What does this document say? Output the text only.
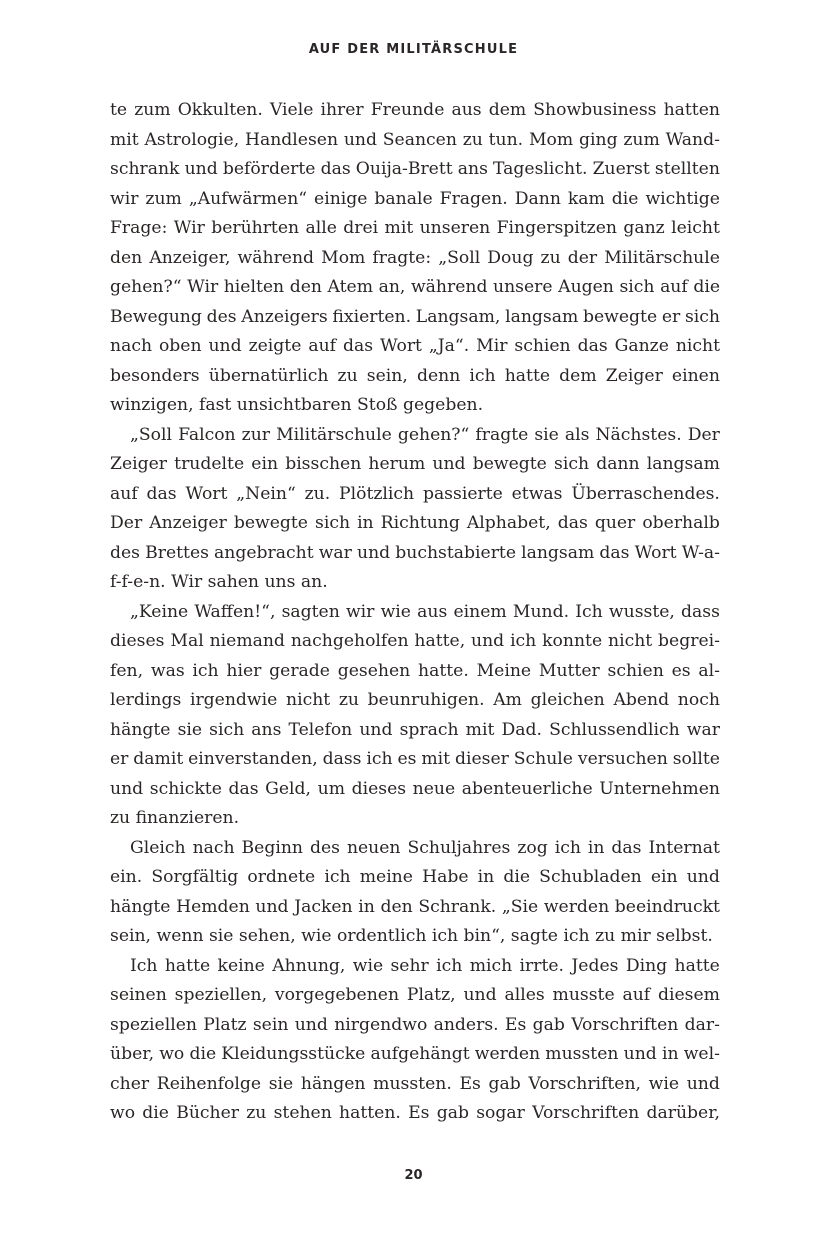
AUF DER MILITÄRSCHULE
te zum Okkulten. Viele ihrer Freunde aus dem Showbusiness hatten
mit Astrologie, Handlesen und Seancen zu tun. Mom ging zum Wand-
schrank und beförderte das Ouija-Brett ans Tageslicht. Zuerst stellten
wir zum „Aufwärmen“ einige banale Fragen. Dann kam die wichtige
Frage: Wir berührten alle drei mit unseren Fingerspitzen ganz leicht
den Anzeiger, während Mom fragte: „Soll Doug zu der Militärschule
gehen?“ Wir hielten den Atem an, während unsere Augen sich auf die
Bewegung des Anzeigers fixierten. Langsam, langsam bewegte er sich
nach oben und zeigte auf das Wort „Ja“. Mir schien das Ganze nicht
besonders übernatürlich zu sein, denn ich hatte dem Zeiger einen
winzigen, fast unsichtbaren Stoß gegeben.
„Soll Falcon zur Militärschule gehen?“ fragte sie als Nächstes. Der
Zeiger trudelte ein bisschen herum und bewegte sich dann langsam
auf das Wort „Nein“ zu. Plötzlich passierte etwas Überraschendes.
Der Anzeiger bewegte sich in Richtung Alphabet, das quer oberhalb
des Brettes angebracht war und buchstabierte langsam das Wort W-a-
f-f-e-n. Wir sahen uns an.
„Keine Waffen!“, sagten wir wie aus einem Mund. Ich wusste, dass
dieses Mal niemand nachgeholfen hatte, und ich konnte nicht begrei-
fen, was ich hier gerade gesehen hatte. Meine Mutter schien es al-
lerdings irgendwie nicht zu beunruhigen. Am gleichen Abend noch
hängte sie sich ans Telefon und sprach mit Dad. Schlussendlich war
er damit einverstanden, dass ich es mit dieser Schule versuchen sollte
und schickte das Geld, um dieses neue abenteuerliche Unternehmen
zu finanzieren.
Gleich nach Beginn des neuen Schuljahres zog ich in das Internat
ein. Sorgfältig ordnete ich meine Habe in die Schubladen ein und
hängte Hemden und Jacken in den Schrank. „Sie werden beeindruckt
sein, wenn sie sehen, wie ordentlich ich bin“, sagte ich zu mir selbst.
Ich hatte keine Ahnung, wie sehr ich mich irrte. Jedes Ding hatte
seinen speziellen, vorgegebenen Platz, und alles musste auf diesem
speziellen Platz sein und nirgendwo anders. Es gab Vorschriften dar-
über, wo die Kleidungsstücke aufgehängt werden mussten und in wel-
cher Reihenfolge sie hängen mussten. Es gab Vorschriften, wie und
wo die Bücher zu stehen hatten. Es gab sogar Vorschriften darüber,
20
